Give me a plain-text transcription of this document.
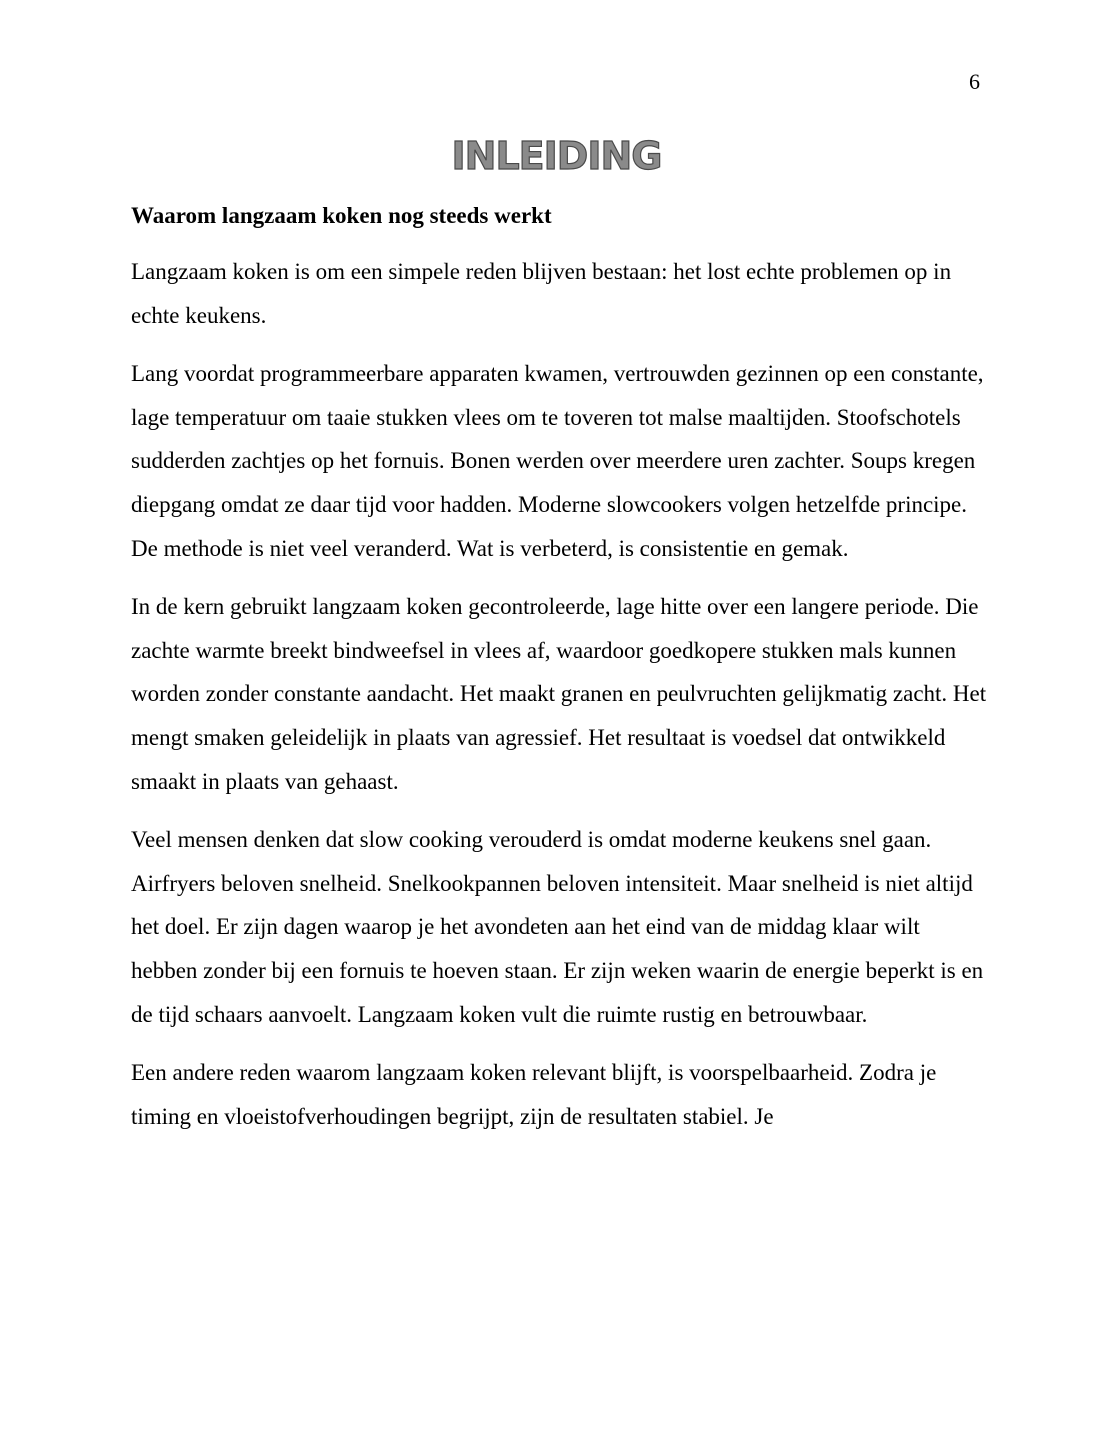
6
INLEIDING

Waarom langzaam koken nog steeds werkt

Langzaam koken is om een simpele reden blijven bestaan: het lost echte problemen op in echte keukens.

Lang voordat programmeerbare apparaten kwamen, vertrouwden gezinnen op een constante, lage temperatuur om taaie stukken vlees om te toveren tot malse maaltijden. Stoofschotels sudderden zachtjes op het fornuis. Bonen werden over meerdere uren zachter. Soups kregen diepgang omdat ze daar tijd voor hadden. Moderne slowcookers volgen hetzelfde principe. De methode is niet veel veranderd. Wat is verbeterd, is consistentie en gemak.

In de kern gebruikt langzaam koken gecontroleerde, lage hitte over een langere periode. Die zachte warmte breekt bindweefsel in vlees af, waardoor goedkopere stukken mals kunnen worden zonder constante aandacht. Het maakt granen en peulvruchten gelijkmatig zacht. Het mengt smaken geleidelijk in plaats van agressief. Het resultaat is voedsel dat ontwikkeld smaakt in plaats van gehaast.

Veel mensen denken dat slow cooking verouderd is omdat moderne keukens snel gaan. Airfryers beloven snelheid. Snelkookpannen beloven intensiteit. Maar snelheid is niet altijd het doel. Er zijn dagen waarop je het avondeten aan het eind van de middag klaar wilt hebben zonder bij een fornuis te hoeven staan. Er zijn weken waarin de energie beperkt is en de tijd schaars aanvoelt. Langzaam koken vult die ruimte rustig en betrouwbaar.

Een andere reden waarom langzaam koken relevant blijft, is voorspelbaarheid. Zodra je timing en vloeistofverhoudingen begrijpt, zijn de resultaten stabiel. Je
